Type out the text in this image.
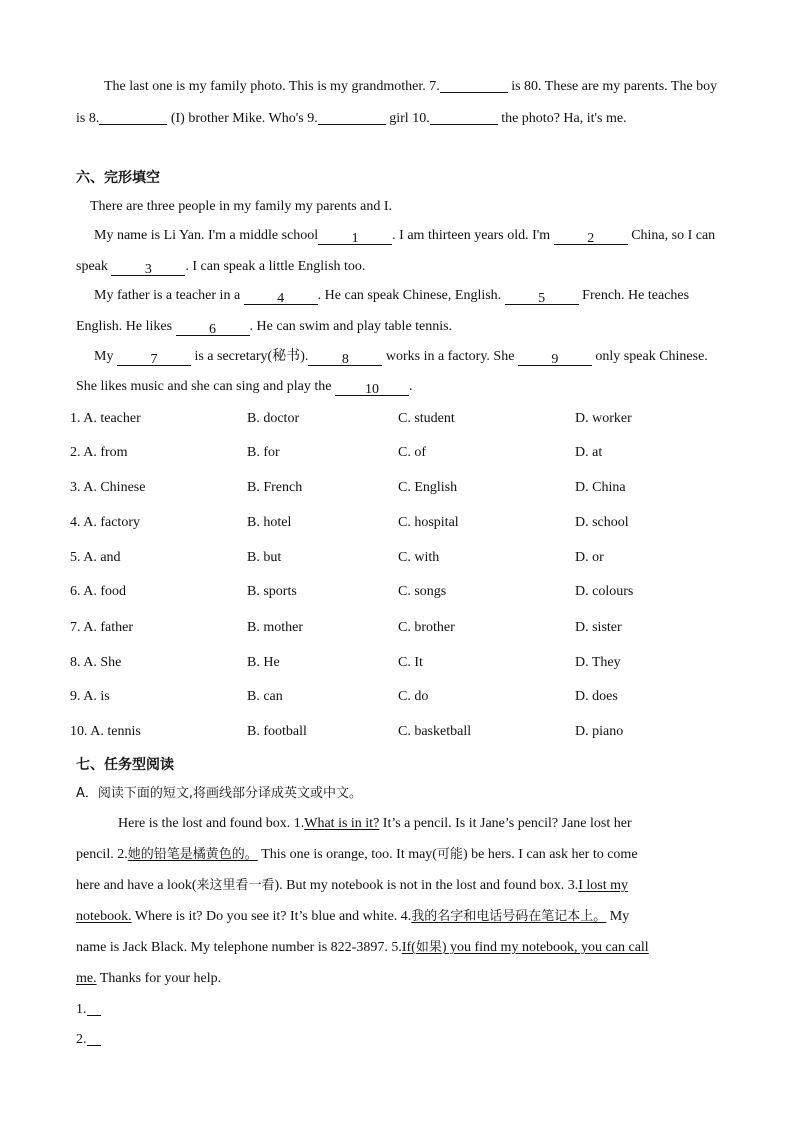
The last one is my family photo. This is my grandmother. 7.	is 80. These are my parents. The boy
is 8.	(I) brother Mike. Who's 9.	girl 10.	the photo? Ha, it's me.
六、完形填空
There are three people in my family my parents and I.
My name is Li Yan. I'm a middle school 1 . I am thirteen years old. I'm 2 China, so I can
speak 3 . I can speak a little English too.
My father is a teacher in a 4 . He can speak Chinese, English. 5 French. He teaches
English. He likes 6 . He can swim and play table tennis.
My 7 is a secretary(秘书). 8 works in a factory. She 9 only speak Chinese.
She likes music and she can sing and play the 10 .
1. A. teacher	B. doctor	C. student	D. worker
2. A. from	B. for	C. of	D. at
3. A. Chinese	B. French	C. English	D. China
4. A. factory	B. hotel	C. hospital	D. school
5. A. and	B. but	C. with	D. or
6. A. food	B. sports	C. songs	D. colours
7. A. father	B. mother	C. brother	D. sister
8. A. She	B. He	C. It	D. They
9. A. is	B. can	C. do	D. does
10. A. tennis	B. football	C. basketball	D. piano
七、任务型阅读
A．阅读下面的短文,将画线部分译成英文或中文。
Here is the lost and found box. 1.What is in it? It’s a pencil. Is it Jane’s pencil? Jane lost her
pencil. 2.她的铅笔是橘黄色的。 This one is orange, too. It may(可能) be hers. I can ask her to come
here and have a look(来这里看一看). But my notebook is not in the lost and found box. 3.I lost my
notebook. Where is it? Do you see it? It’s blue and white. 4.我的名字和电话号码在笔记本上。 My
name is Jack Black. My telephone number is 822-3897. 5.If(如果) you find my notebook, you can call
me. Thanks for your help.
1.
2.
